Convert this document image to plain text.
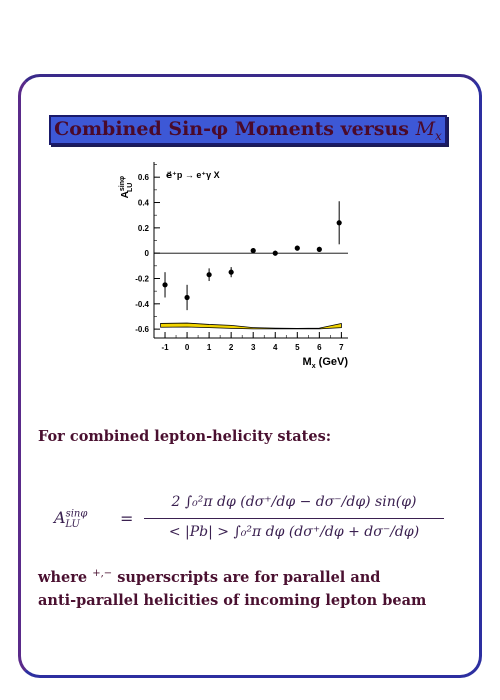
Combined Sin-φ Moments versus $M_x$
0.6
0.4
0.2
0
-0.2
-0.4
-0.6
-1 0 1 2 3 4 5 6 7
e⃗⁺p → e⁺γ X
$A^{sin\varphi}LU$
$M_x$ (GeV)
For combined lepton-helicity states:
$A^{sin\varphi}_{LU}$	=
2 ∫₀²π dφ (dσ⁺/dφ − dσ⁻/dφ) sin(φ)
< |Pb| > ∫₀²π dφ (dσ⁺/dφ + dσ⁻/dφ)
where +,− superscripts are for parallel and
anti-parallel helicities of incoming lepton beam
